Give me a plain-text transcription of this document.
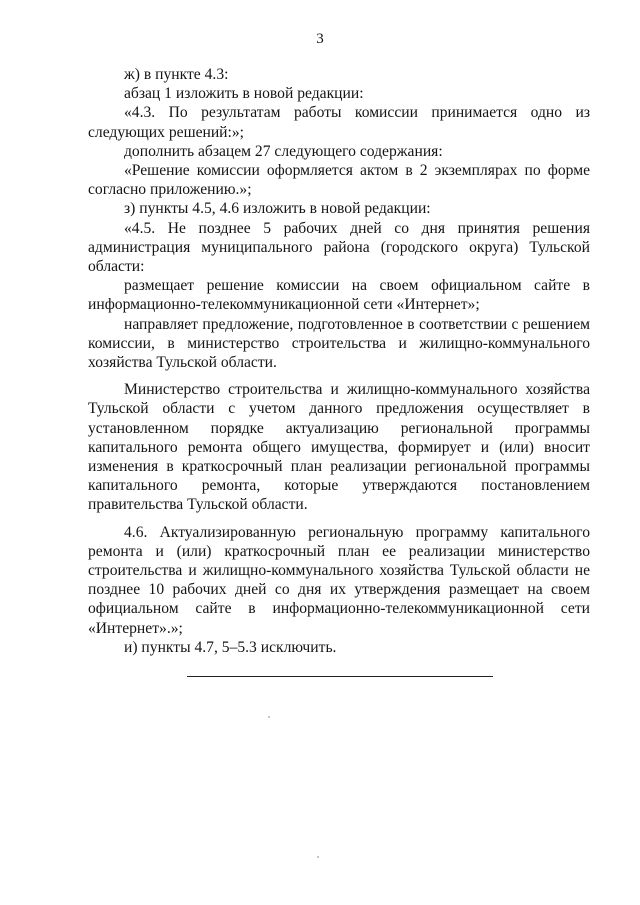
3

ж) в пункте 4.3:

абзац 1 изложить в новой редакции:

«4.3. По результатам работы комиссии принимается одно из следующих решений:»;

дополнить абзацем 27 следующего содержания:

«Решение комиссии оформляется актом в 2 экземплярах по форме согласно приложению.»;

з) пункты 4.5, 4.6 изложить в новой редакции:

«4.5. Не позднее 5 рабочих дней со дня принятия решения администрация муниципального района (городского округа) Тульской области:

размещает решение комиссии на своем официальном сайте в информационно-телекоммуникационной сети «Интернет»;

направляет предложение, подготовленное в соответствии с решением комиссии, в министерство строительства и жилищно-коммунального хозяйства Тульской области.

Министерство строительства и жилищно-коммунального хозяйства Тульской области с учетом данного предложения осуществляет в установленном порядке актуализацию региональной программы капитального ремонта общего имущества, формирует и (или) вносит изменения в краткосрочный план реализации региональной программы капитального ремонта, которые утверждаются постановлением правительства Тульской области.

4.6. Актуализированную региональную программу капитального ремонта и (или) краткосрочный план ее реализации министерство строительства и жилищно-коммунального хозяйства Тульской области не позднее 10 рабочих дней со дня их утверждения размещает на своем официальном сайте в информационно-телекоммуникационной сети «Интернет».»;

и) пункты 4.7, 5–5.3 исключить.
